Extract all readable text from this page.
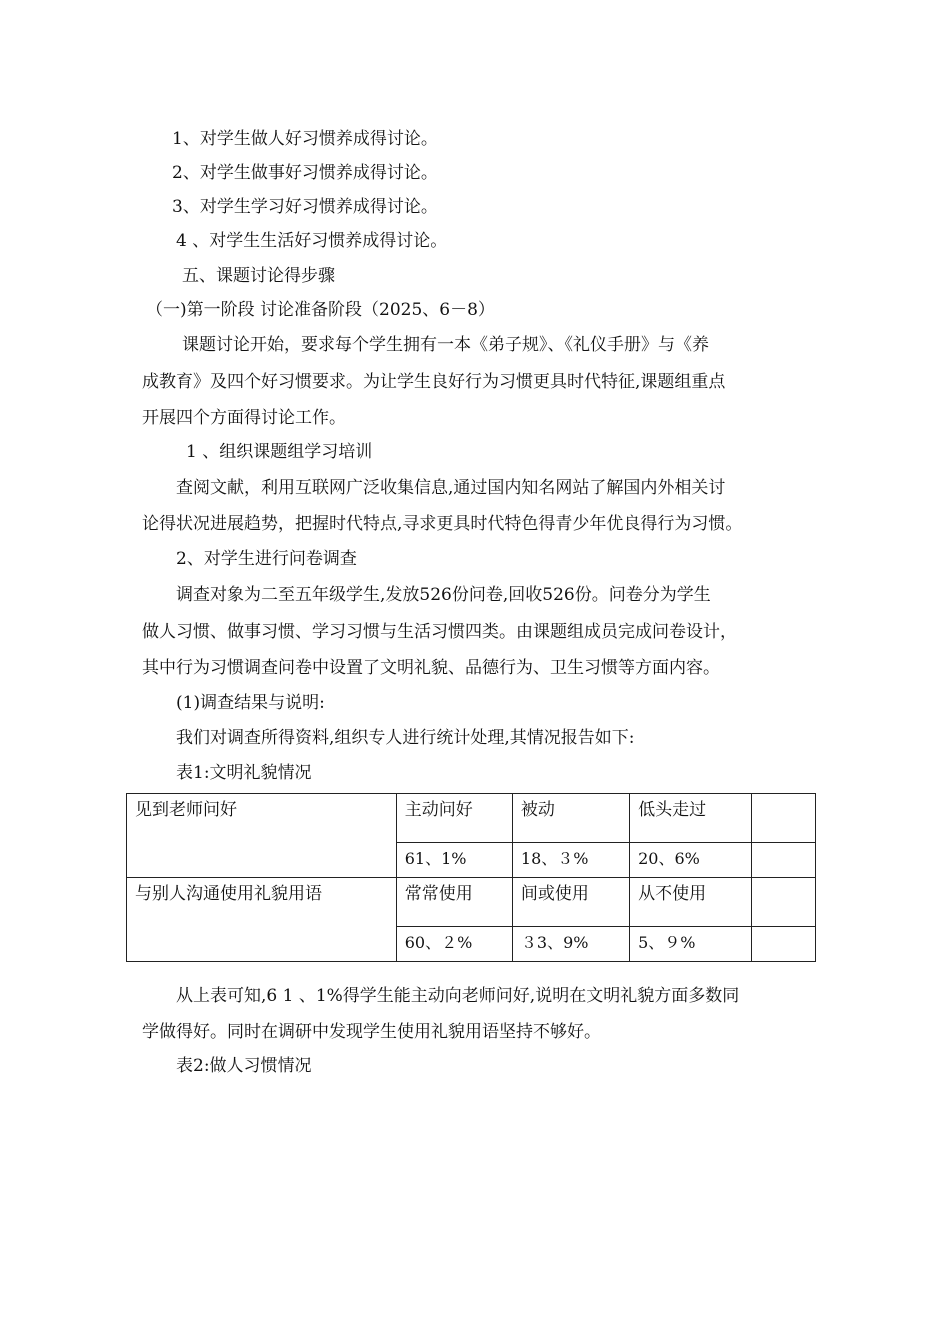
1、对学生做人好习惯养成得讨论。
2、对学生做事好习惯养成得讨论。
3、对学生学习好习惯养成得讨论。
4 、对学生生活好习惯养成得讨论。
五、课题讨论得步骤
（一)第一阶段 讨论准备阶段（2025、6－8）
课题讨论开始，要求每个学生拥有一本《弟子规》、《礼仪手册》与《养
成教育》及四个好习惯要求。为让学生良好行为习惯更具时代特征,课题组重点
开展四个方面得讨论工作。
1 、组织课题组学习培训
查阅文献，利用互联网广泛收集信息,通过国内知名网站了解国内外相关讨
论得状况进展趋势，把握时代特点,寻求更具时代特色得青少年优良得行为习惯。
2、对学生进行问卷调查
调查对象为二至五年级学生,发放526份问卷,回收526份。问卷分为学生
做人习惯、做事习惯、学习习惯与生活习惯四类。由课题组成员完成问卷设计，
其中行为习惯调查问卷中设置了文明礼貌、品德行为、卫生习惯等方面内容。
(1)调查结果与说明:
我们对调查所得资料,组织专人进行统计处理,其情况报告如下:
表1:文明礼貌情况
见到老师问好	主动问好	被动	低头走过	
	61、1%	18、３%	20、6%	
与别人沟通使用礼貌用语	常常使用	间或使用	从不使用	
	60、２%	３3、9%	5、９%	
从上表可知,6 1 、1%得学生能主动向老师问好,说明在文明礼貌方面多数同
学做得好。同时在调研中发现学生使用礼貌用语坚持不够好。
表2:做人习惯情况
